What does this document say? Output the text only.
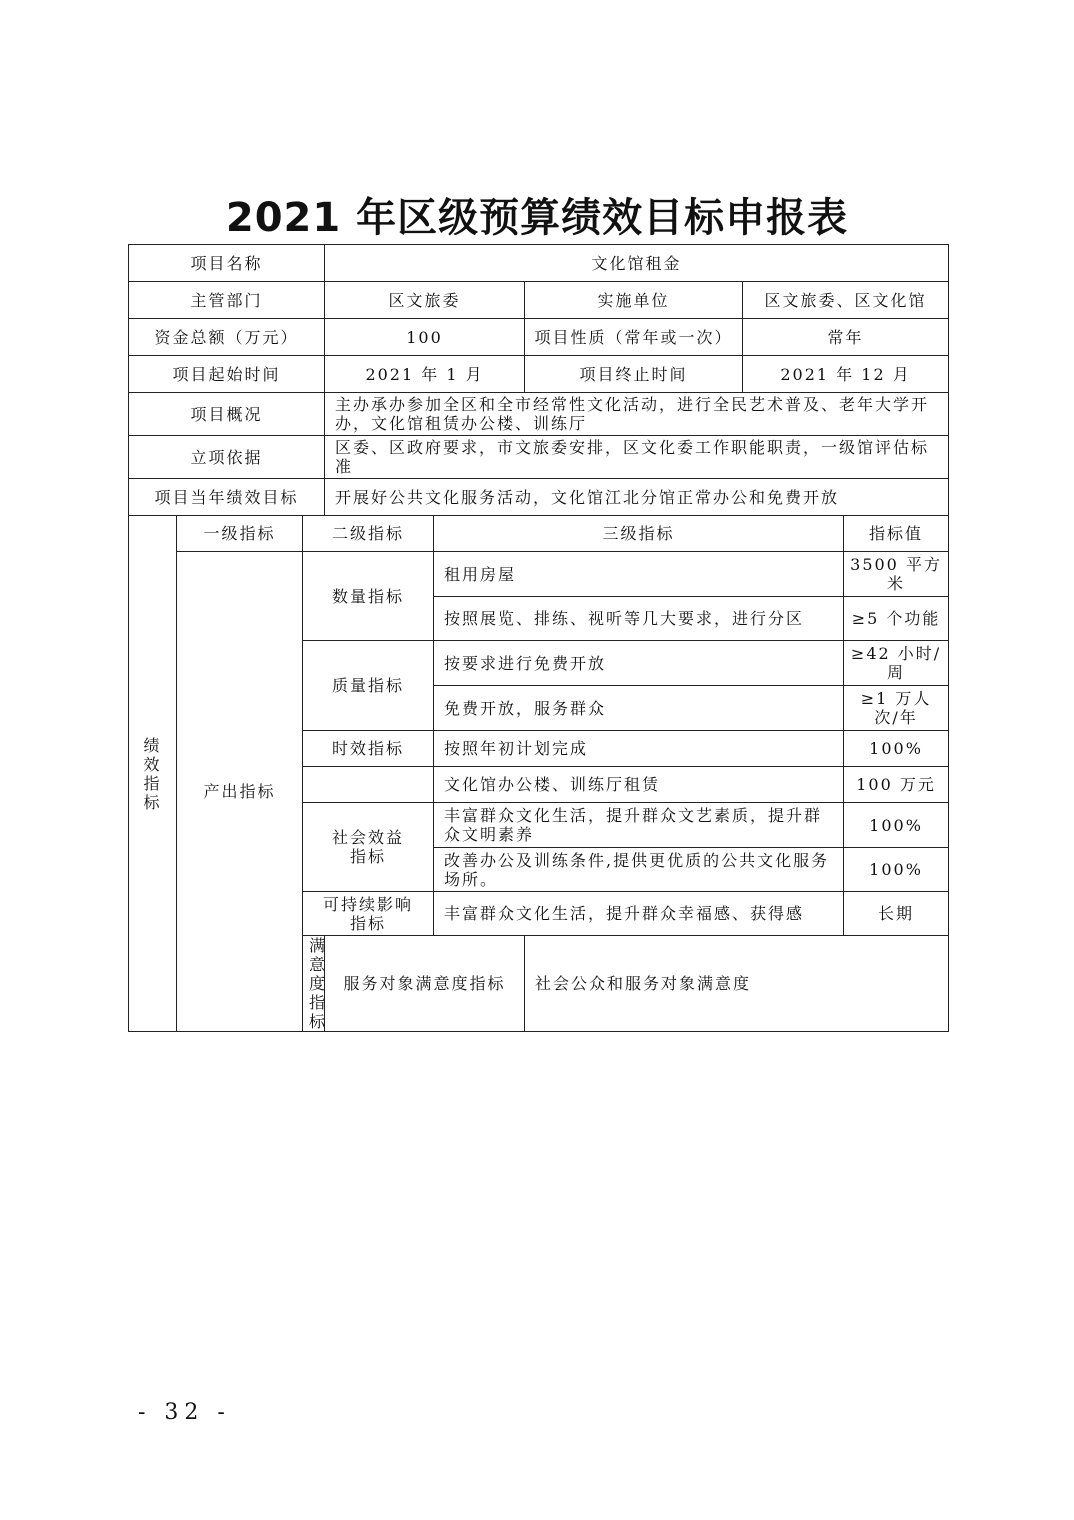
2021 年区级预算绩效目标申报表
项目名称			文化馆租金					
主管部门			区文旅委		实施单位	区文旅委、区文化馆		
资金总额（万元）			100		项目性质（常年或一次）	常年		
项目起始时间			2021 年 1 月		项目终止时间	2021 年 12 月		
项目概况			主办承办参加全区和全市经常性文化活动，进行全民艺术普及、老年大学开办，文化馆租赁办公楼、训练厅					
立项依据			区委、区政府要求，市文旅委安排，区文化委工作职能职责，一级馆评估标准					
项目当年绩效目标			开展好公共文化服务活动，文化馆江北分馆正常办公和免费开放					
绩效指标	一级指标	二级指标		三级指标			指标值	
	产出指标	数量指标		租用房屋			3500 平方米	
				按照展览、排练、视听等几大要求，进行分区			≥5 个功能	
		质量指标		按要求进行免费开放			≥42 小时/周	
				免费开放，服务群众			≥1 万人次/年	
		时效指标		按照年初计划完成			100%	
				文化馆办公楼、训练厅租赁			100 万元	
		社会效益指标		丰富群众文化生活，提升群众文艺素质，提升群众文明素养			100%	
				改善办公及训练条件,提供更优质的公共文化服务场所。			100%	
		可持续影响指标		丰富群众文化生活，提升群众幸福感、获得感			长期	
		满意度指标	服务对象满意度指标		社会公众和服务对象满意度	
- 32 -
